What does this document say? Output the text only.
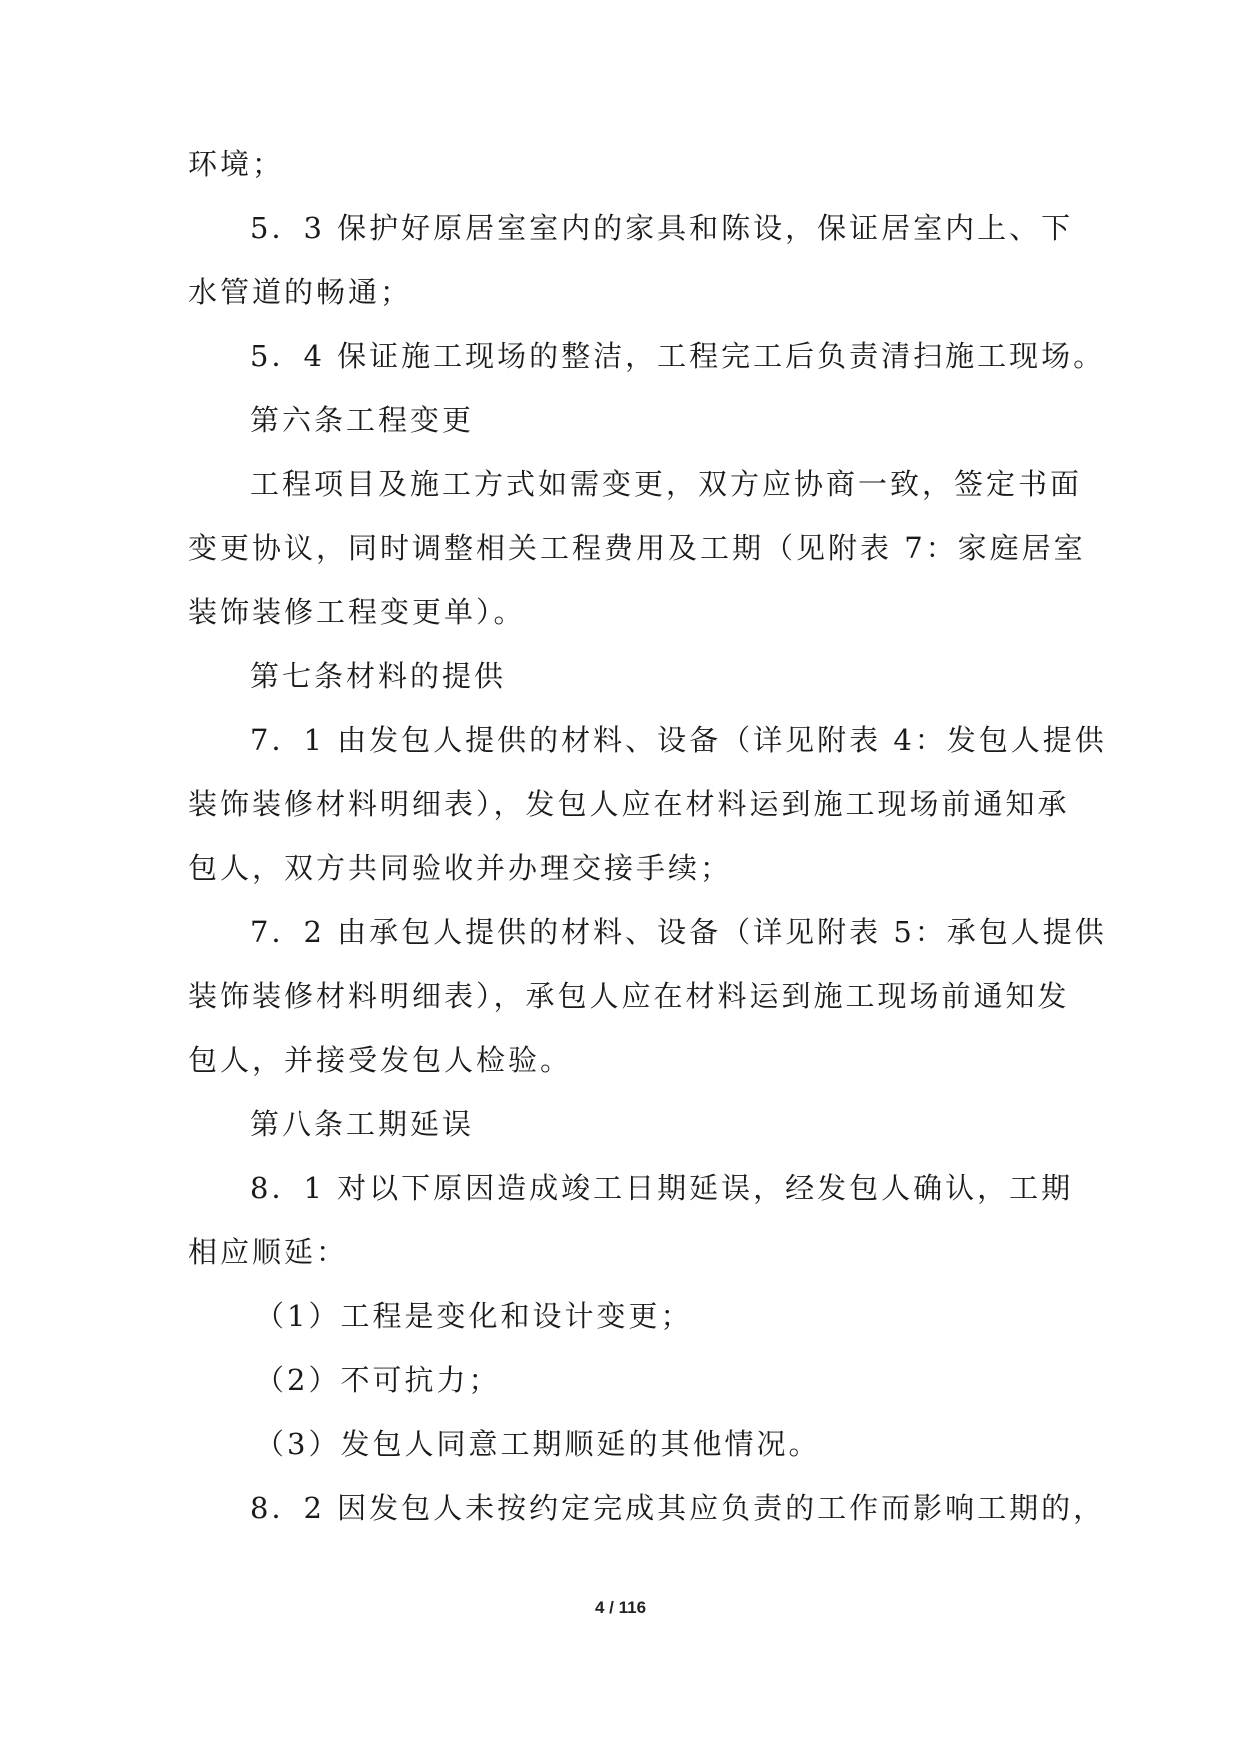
环境；
5．3 保护好原居室室内的家具和陈设，保证居室内上、下
水管道的畅通；
5．4 保证施工现场的整洁，工程完工后负责清扫施工现场。
第六条工程变更
工程项目及施工方式如需变更，双方应协商一致，签定书面
变更协议，同时调整相关工程费用及工期（见附表 7：家庭居室
装饰装修工程变更单）。
第七条材料的提供
7．1 由发包人提供的材料、设备（详见附表 4：发包人提供
装饰装修材料明细表），发包人应在材料运到施工现场前通知承
包人，双方共同验收并办理交接手续；
7．2 由承包人提供的材料、设备（详见附表 5：承包人提供
装饰装修材料明细表），承包人应在材料运到施工现场前通知发
包人，并接受发包人检验。
第八条工期延误
8．1 对以下原因造成竣工日期延误，经发包人确认，工期
相应顺延：
（1）工程是变化和设计变更；
（2）不可抗力；
（3）发包人同意工期顺延的其他情况。
8．2 因发包人未按约定完成其应负责的工作而影响工期的，
4 / 116
